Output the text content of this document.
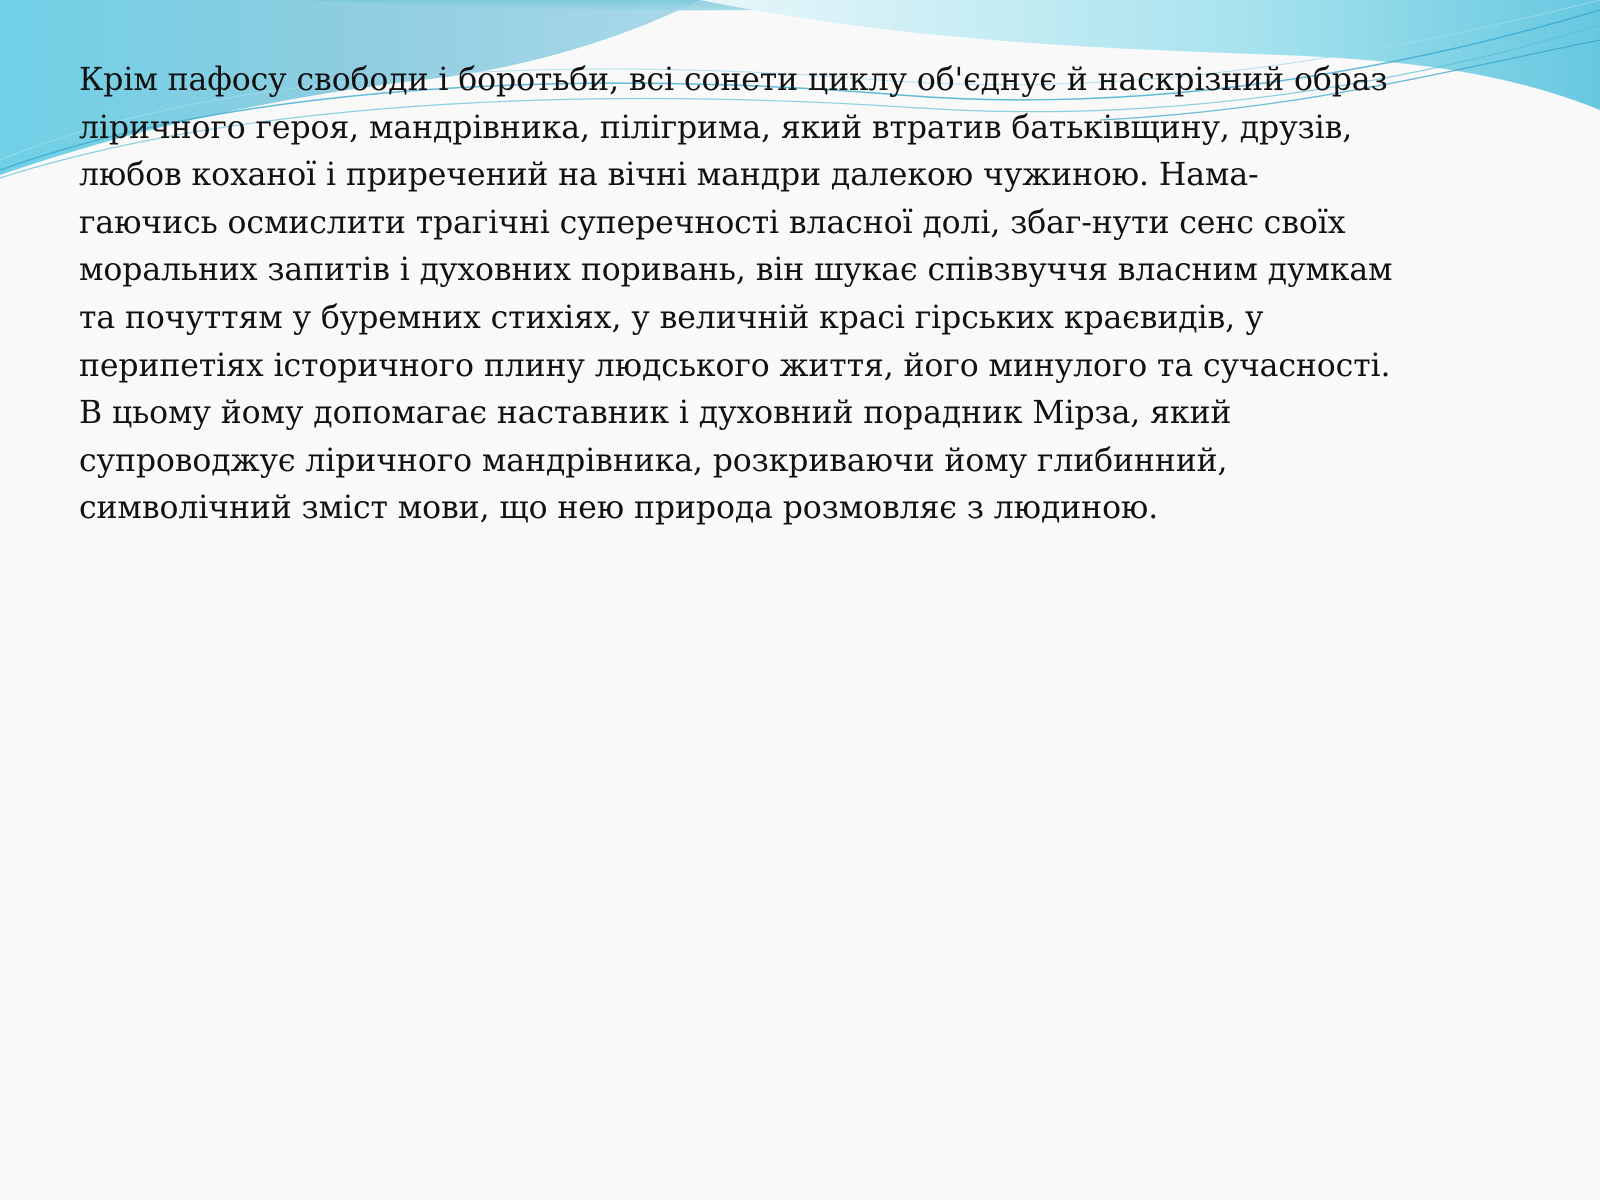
Крім пафосу свободи і боротьби, всі сонети циклу об'єднує й наскрізний образ
ліричного героя, мандрівника, пілігрима, який втратив батьківщину, друзів,
любов коханої і приречений на вічні мандри далекою чужиною. Нама-
гаючись осмислити трагічні суперечності власної долі, збаг-нути сенс своїх
моральних запитів і духовних поривань, він шукає співзвуччя власним думкам
та почуттям у буремних стихіях, у величній красі гірських краєвидів, у
перипетіях історичного плину людського життя, його минулого та сучасності.
В цьому йому допомагає наставник і духовний порадник Мірза, який
супроводжує ліричного мандрівника, розкриваючи йому глибинний,
символічний зміст мови, що нею природа розмовляє з людиною.
